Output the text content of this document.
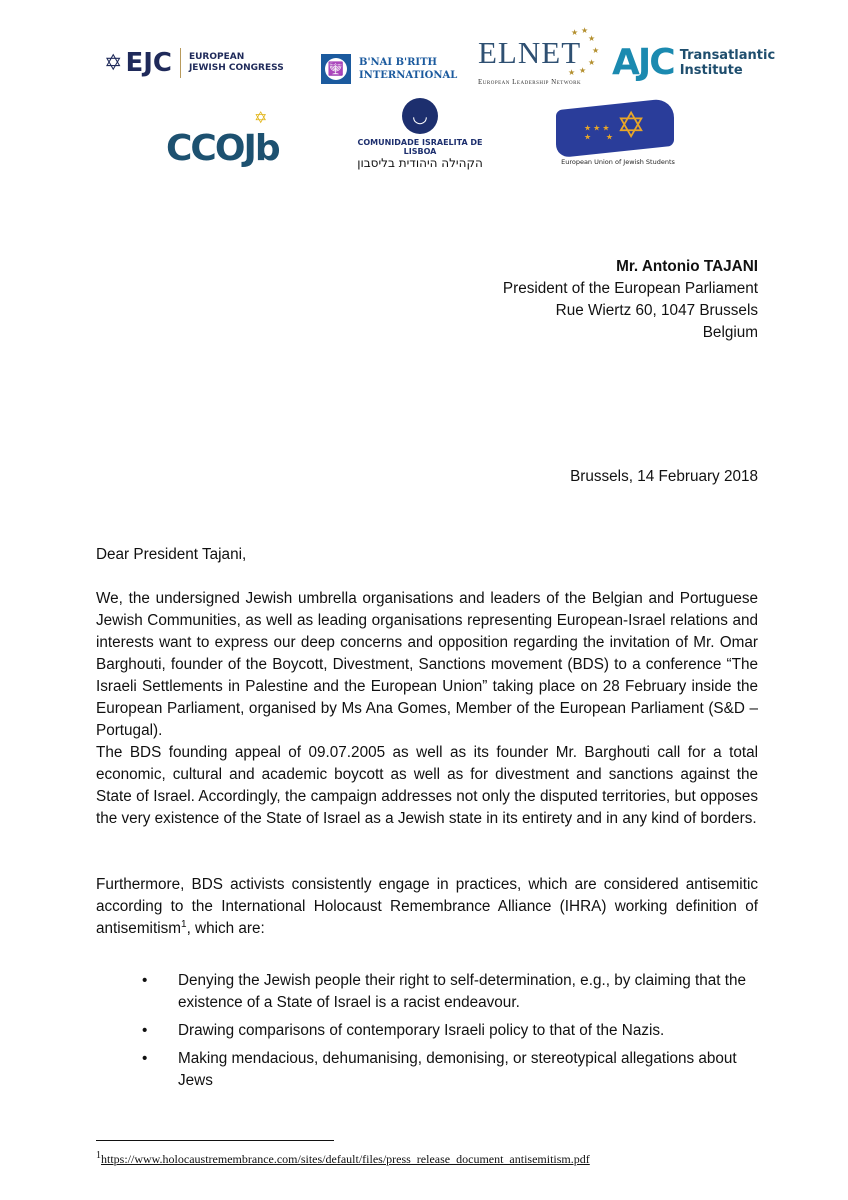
✡ EJC EUROPEAN
JEWISH CONGRESS	🕎 B'NAI B'RITH
INTERNATIONAL
ELNET
★ ★
★
★
★
★
★
European Leadership Network AJC Transatlantic
Institute
✡
CCOJb
◡
COMUNIDADE ISRAELITA DE LISBOA
הקהילה היהודית בליסבון
✡
★★★
★   ★
European Union of Jewish Students
Mr. Antonio TAJANI
President of the European Parliament
Rue Wiertz 60, 1047 Brussels
Belgium
Brussels, 14 February 2018
Dear President Tajani,
We, the undersigned Jewish umbrella organisations and leaders of the Belgian and Portuguese Jewish Communities, as well as leading organisations representing European-Israel relations and interests want to express our deep concerns and opposition regarding the invitation of Mr. Omar Barghouti, founder of the Boycott, Divestment, Sanctions movement (BDS) to a conference “The Israeli Settlements in Palestine and the European Union” taking place on 28 February inside the European Parliament, organised by Ms Ana Gomes, Member of the European Parliament (S&D – Portugal).
The BDS founding appeal of 09.07.2005 as well as its founder Mr. Barghouti call for a total economic, cultural and academic boycott as well as for divestment and sanctions against the State of Israel. Accordingly, the campaign addresses not only the disputed territories, but opposes the very existence of the State of Israel as a Jewish state in its entirety and in any kind of borders.
Furthermore, BDS activists consistently engage in practices, which are considered antisemitic according to the International Holocaust Remembrance Alliance (IHRA) working definition of antisemitism$^1$, which are:
• Denying the Jewish people their right to self-determination, e.g., by claiming that the existence of a State of Israel is a racist endeavour.
• Drawing comparisons of contemporary Israeli policy to that of the Nazis.
• Making mendacious, dehumanising, demonising, or stereotypical allegations about Jews
$^1$https://www.holocaustremembrance.com/sites/default/files/press_release_document_antisemitism.pdf
